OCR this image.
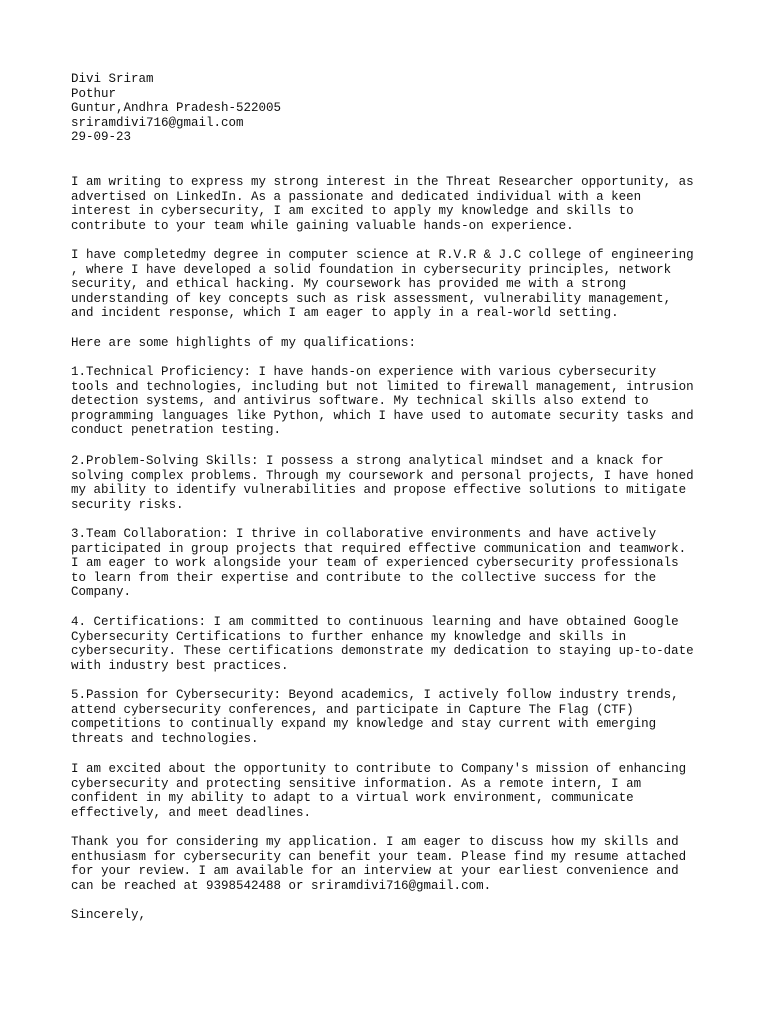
Divi Sriram
Pothur
Guntur,Andhra Pradesh-522005
sriramdivi716@gmail.com
29-09-23

I am writing to express my strong interest in the Threat Researcher opportunity, as
advertised on LinkedIn. As a passionate and dedicated individual with a keen
interest in cybersecurity, I am excited to apply my knowledge and skills to
contribute to your team while gaining valuable hands-on experience.

I have completedmy degree in computer science at R.V.R & J.C college of engineering
, where I have developed a solid foundation in cybersecurity principles, network
security, and ethical hacking. My coursework has provided me with a strong
understanding of key concepts such as risk assessment, vulnerability management,
and incident response, which I am eager to apply in a real-world setting.

Here are some highlights of my qualifications:

1.Technical Proficiency: I have hands-on experience with various cybersecurity
tools and technologies, including but not limited to firewall management, intrusion
detection systems, and antivirus software. My technical skills also extend to
programming languages like Python, which I have used to automate security tasks and
conduct penetration testing.

2.Problem-Solving Skills: I possess a strong analytical mindset and a knack for
solving complex problems. Through my coursework and personal projects, I have honed
my ability to identify vulnerabilities and propose effective solutions to mitigate
security risks.

3.Team Collaboration: I thrive in collaborative environments and have actively
participated in group projects that required effective communication and teamwork.
I am eager to work alongside your team of experienced cybersecurity professionals
to learn from their expertise and contribute to the collective success for the
Company.

4. Certifications: I am committed to continuous learning and have obtained Google
Cybersecurity Certifications to further enhance my knowledge and skills in
cybersecurity. These certifications demonstrate my dedication to staying up-to-date
with industry best practices.

5.Passion for Cybersecurity: Beyond academics, I actively follow industry trends,
attend cybersecurity conferences, and participate in Capture The Flag (CTF)
competitions to continually expand my knowledge and stay current with emerging
threats and technologies.

I am excited about the opportunity to contribute to Company's mission of enhancing
cybersecurity and protecting sensitive information. As a remote intern, I am
confident in my ability to adapt to a virtual work environment, communicate
effectively, and meet deadlines.

Thank you for considering my application. I am eager to discuss how my skills and
enthusiasm for cybersecurity can benefit your team. Please find my resume attached
for your review. I am available for an interview at your earliest convenience and
can be reached at 9398542488 or sriramdivi716@gmail.com.

Sincerely,
